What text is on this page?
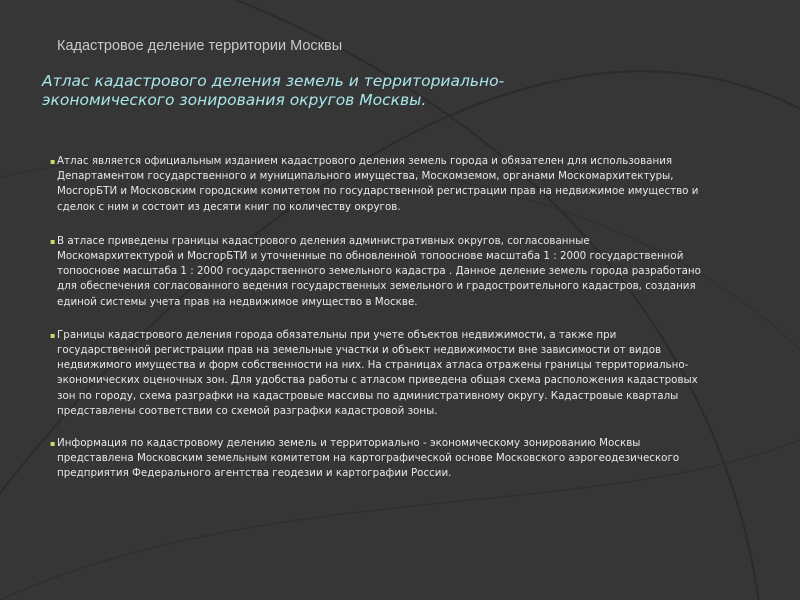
Кадастровое деление территории Москвы
Атлас кадастрового деления земель и территориально-экономического зонирования округов Москвы.
▪ Атлас является официальным изданием кадастрового деления земель города и обязателен для использования Департаментом государственного и муниципального имущества, Москомземом, органами Москомархитектуры, МосгорБТИ и Московским городским комитетом по государственной регистрации прав на недвижимое имущество и сделок с ним и состоит из десяти книг по количеству округов.
▪ В атласе приведены границы кадастрового деления административных округов, согласованные Москомархитектурой и МосгорБТИ и уточненные по обновленной топооснове масштаба 1 : 2000 государственной топооснове масштаба 1 : 2000 государственного земельного кадастра . Данное деление земель города разработано для обеспечения согласованного ведения государственных земельного и градостроительного кадастров, создания единой системы учета прав на недвижимое имущество в Москве.
▪ Границы кадастрового деления города обязательны при учете объектов недвижимости, а также при государственной регистрации прав на земельные участки и объект недвижимости вне зависимости от видов недвижимого имущества и форм собственности на них. На страницах атласа отражены границы территориально-экономических оценочных зон. Для удобства работы с атласом приведена общая схема расположения кадастровых зон по городу, схема разграфки на кадастровые массивы по административному округу. Кадастровые кварталы представлены соответствии со схемой разграфки кадастровой зоны.
▪ Информация по кадастровому делению земель и территориально - экономическому зонированию Москвы представлена Московским земельным комитетом на картографической основе Московского аэрогеодезического предприятия Федерального агентства геодезии и картографии России.
